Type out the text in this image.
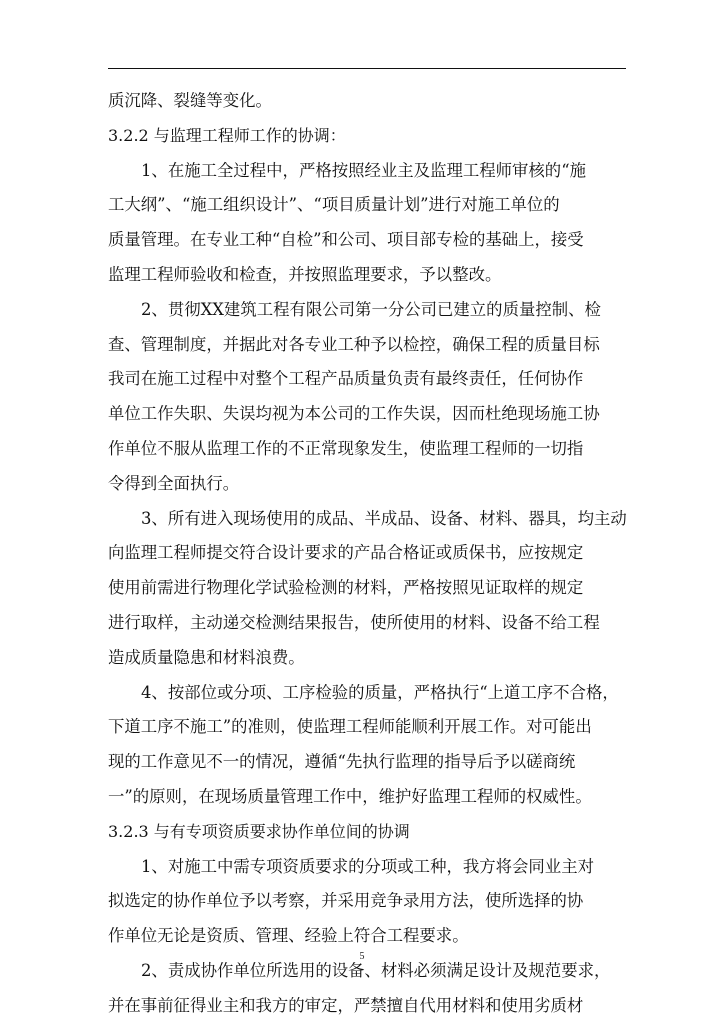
质沉降、裂缝等变化。
3.2.2 与监理工程师工作的协调：
1、在施工全过程中，严格按照经业主及监理工程师审核的“施
工大纲”、“施工组织设计”、“项目质量计划”进行对施工单位的
质量管理。在专业工种“自检”和公司、项目部专检的基础上，接受
监理工程师验收和检查，并按照监理要求，予以整改。
2、贯彻XX建筑工程有限公司第一分公司已建立的质量控制、检
查、管理制度，并据此对各专业工种予以检控，确保工程的质量目标
我司在施工过程中对整个工程产品质量负责有最终责任，任何协作
单位工作失职、失误均视为本公司的工作失误，因而杜绝现场施工协
作单位不服从监理工作的不正常现象发生，使监理工程师的一切指
令得到全面执行。
3、所有进入现场使用的成品、半成品、设备、材料、器具，均主动
向监理工程师提交符合设计要求的产品合格证或质保书，应按规定
使用前需进行物理化学试验检测的材料，严格按照见证取样的规定
进行取样，主动递交检测结果报告，使所使用的材料、设备不给工程
造成质量隐患和材料浪费。
4、按部位或分项、工序检验的质量，严格执行“上道工序不合格，
下道工序不施工”的准则，使监理工程师能顺利开展工作。对可能出
现的工作意见不一的情况，遵循“先执行监理的指导后予以磋商统
一”的原则，在现场质量管理工作中，维护好监理工程师的权威性。
3.2.3 与有专项资质要求协作单位间的协调
1、对施工中需专项资质要求的分项或工种，我方将会同业主对
拟选定的协作单位予以考察，并采用竞争录用方法，使所选择的协
作单位无论是资质、管理、经验上符合工程要求。
2、责成协作单位所选用的设备、材料必须满足设计及规范要求，
并在事前征得业主和我方的审定，严禁擅自代用材料和使用劣质材
5
